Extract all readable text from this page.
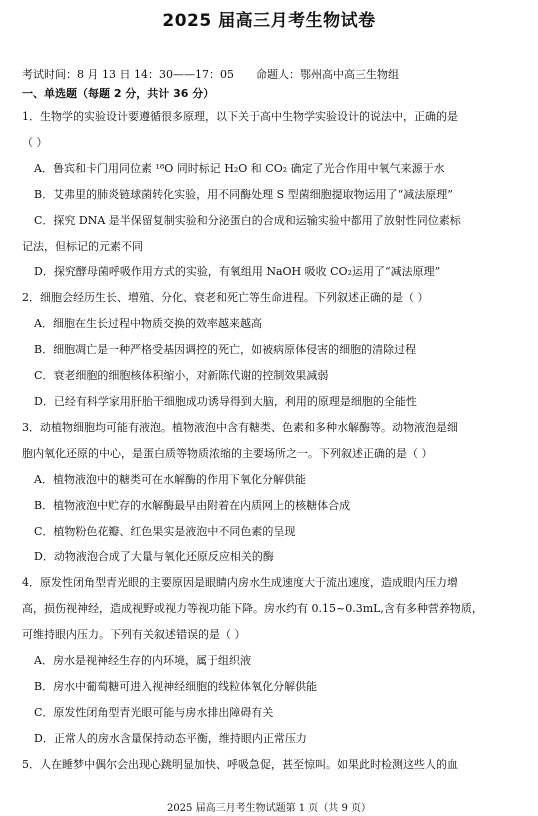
2025 届高三月考生物试卷
考试时间：8 月 13 日 14：30——17：05 命题人：鄂州高中高三生物组
一、单选题（每题 2 分，共计 36 分）

1．生物学的实验设计要遵循很多原理，以下关于高中生物学实验设计的说法中，正确的是

（ ）

A．鲁宾和卡门用同位素 ¹⁸O 同时标记 H₂O 和 CO₂ 确定了光合作用中氧气来源于水

B．艾弗里的肺炎链球菌转化实验，用不同酶处理 S 型菌细胞提取物运用了“减法原理”

C．探究 DNA 是半保留复制实验和分泌蛋白的合成和运输实验中都用了放射性同位素标

记法，但标记的元素不同

D．探究酵母菌呼吸作用方式的实验，有氧组用 NaOH 吸收 CO₂运用了“减法原理”

2．细胞会经历生长、增殖、分化、衰老和死亡等生命进程。下列叙述正确的是（ ）

A．细胞在生长过程中物质交换的效率越来越高

B．细胞凋亡是一种严格受基因调控的死亡，如被病原体侵害的细胞的清除过程

C．衰老细胞的细胞核体积缩小，对新陈代谢的控制效果减弱

D．已经有科学家用肝胎干细胞成功诱导得到大脑，利用的原理是细胞的全能性

3．动植物细胞均可能有液泡。植物液泡中含有糖类、色素和多种水解酶等。动物液泡是细

胞内氧化还原的中心，是蛋白质等物质浓缩的主要场所之一。下列叙述正确的是（ ）

A．植物液泡中的糖类可在水解酶的作用下氧化分解供能

B．植物液泡中贮存的水解酶最早由附着在内质网上的核糖体合成

C．植物粉色花瓣、红色果实是液泡中不同色素的呈现

D．动物液泡合成了大量与氧化还原反应相关的酶

4．原发性闭角型青光眼的主要原因是眼睛内房水生成速度大于流出速度，造成眼内压力增

高，损伤视神经，造成视野或视力等视功能下降。房水约有 0.15~0.3mL,含有多种营养物质，

可维持眼内压力。下列有关叙述错误的是（ ）

A．房水是视神经生存的内环境，属于组织液

B．房水中葡萄糖可进入视神经细胞的线粒体氧化分解供能

C．原发性闭角型青光眼可能与房水排出障碍有关

D．正常人的房水含量保持动态平衡，维持眼内正常压力

5．人在睡梦中偶尔会出现心跳明显加快、呼吸急促，甚至惊叫。如果此时检测这些人的血

2025 届高三月考生物试题第 1 页（共 9 页）
